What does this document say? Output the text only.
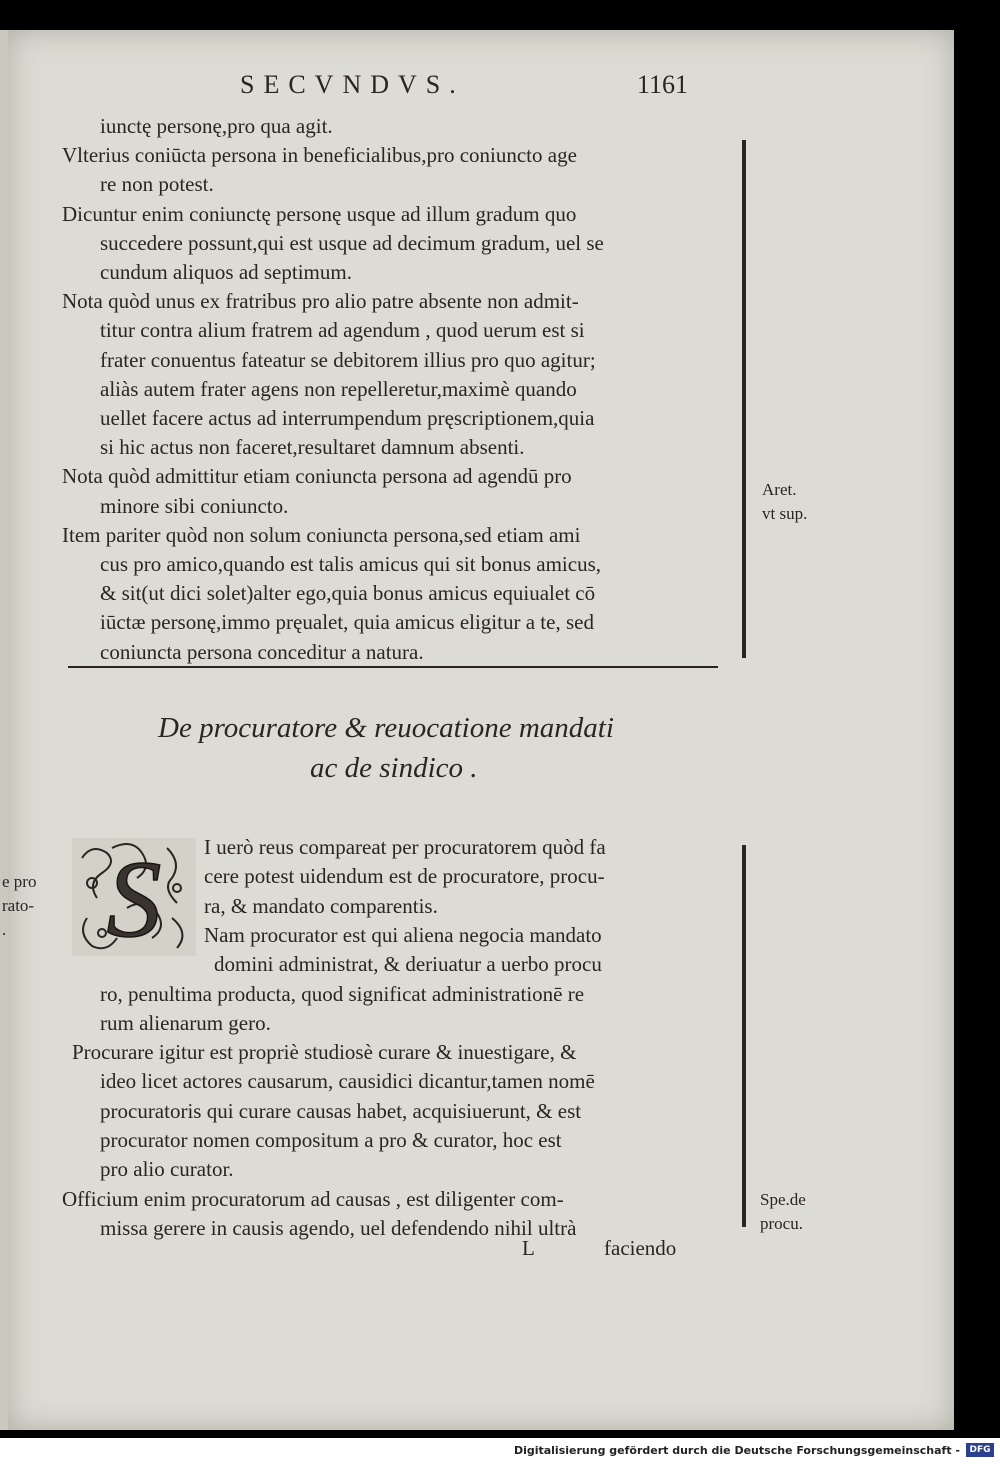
e pro
rato-
.
SECVNDVS.	1161
iunctę personę,pro qua agit.
Vlterius coniūcta persona in beneficialibus,pro coniuncto age
re non potest.
Dicuntur enim coniunctę personę usque ad illum gradum quo
succedere possunt,qui est usque ad decimum gradum, uel se
cundum aliquos ad septimum.
Nota quòd unus ex fratribus pro alio patre absente non admit-
titur contra alium fratrem ad agendum , quod uerum est si
frater conuentus fateatur se debitorem illius pro quo agitur;
aliàs autem frater agens non repelleretur,maximè quando
uellet facere actus ad interrumpendum pręscriptionem,quia
si hic actus non faceret,resultaret damnum absenti.
Nota quòd admittitur etiam coniuncta persona ad agendū pro
minore sibi coniuncto.
Item pariter quòd non solum coniuncta persona,sed etiam ami
cus pro amico,quando est talis amicus qui sit bonus amicus,
& sit(ut dici solet)alter ego,quia bonus amicus equiualet cō
iūctæ personę,immo pręualet, quia amicus eligitur a te, sed
coniuncta persona conceditur a natura.
Aret.
vt sup.
De procuratore & reuocatione mandati
ac de sindico .
S I uerò reus compareat per procuratorem quòd fa
cere potest uidendum est de procuratore, procu-
ra, & mandato comparentis.
Nam procurator est qui aliena negocia mandato
domini administrat, & deriuatur a uerbo procu
ro, penultima producta, quod significat administrationē re
rum alienarum gero.
Procurare igitur est propriè studiosè curare & inuestigare, &
ideo licet actores causarum, causidici dicantur,tamen nomē
procuratoris qui curare causas habet, acquisiuerunt, & est
procurator nomen compositum a pro & curator, hoc est
pro alio curator.
Officium enim procuratorum ad causas , est diligenter com-
missa gerere in causis agendo, uel defendendo nihil ultrà
Spe.de
procu.
L	faciendo
Digitalisierung gefördert durch die Deutsche Forschungsgemeinschaft -	DFG
